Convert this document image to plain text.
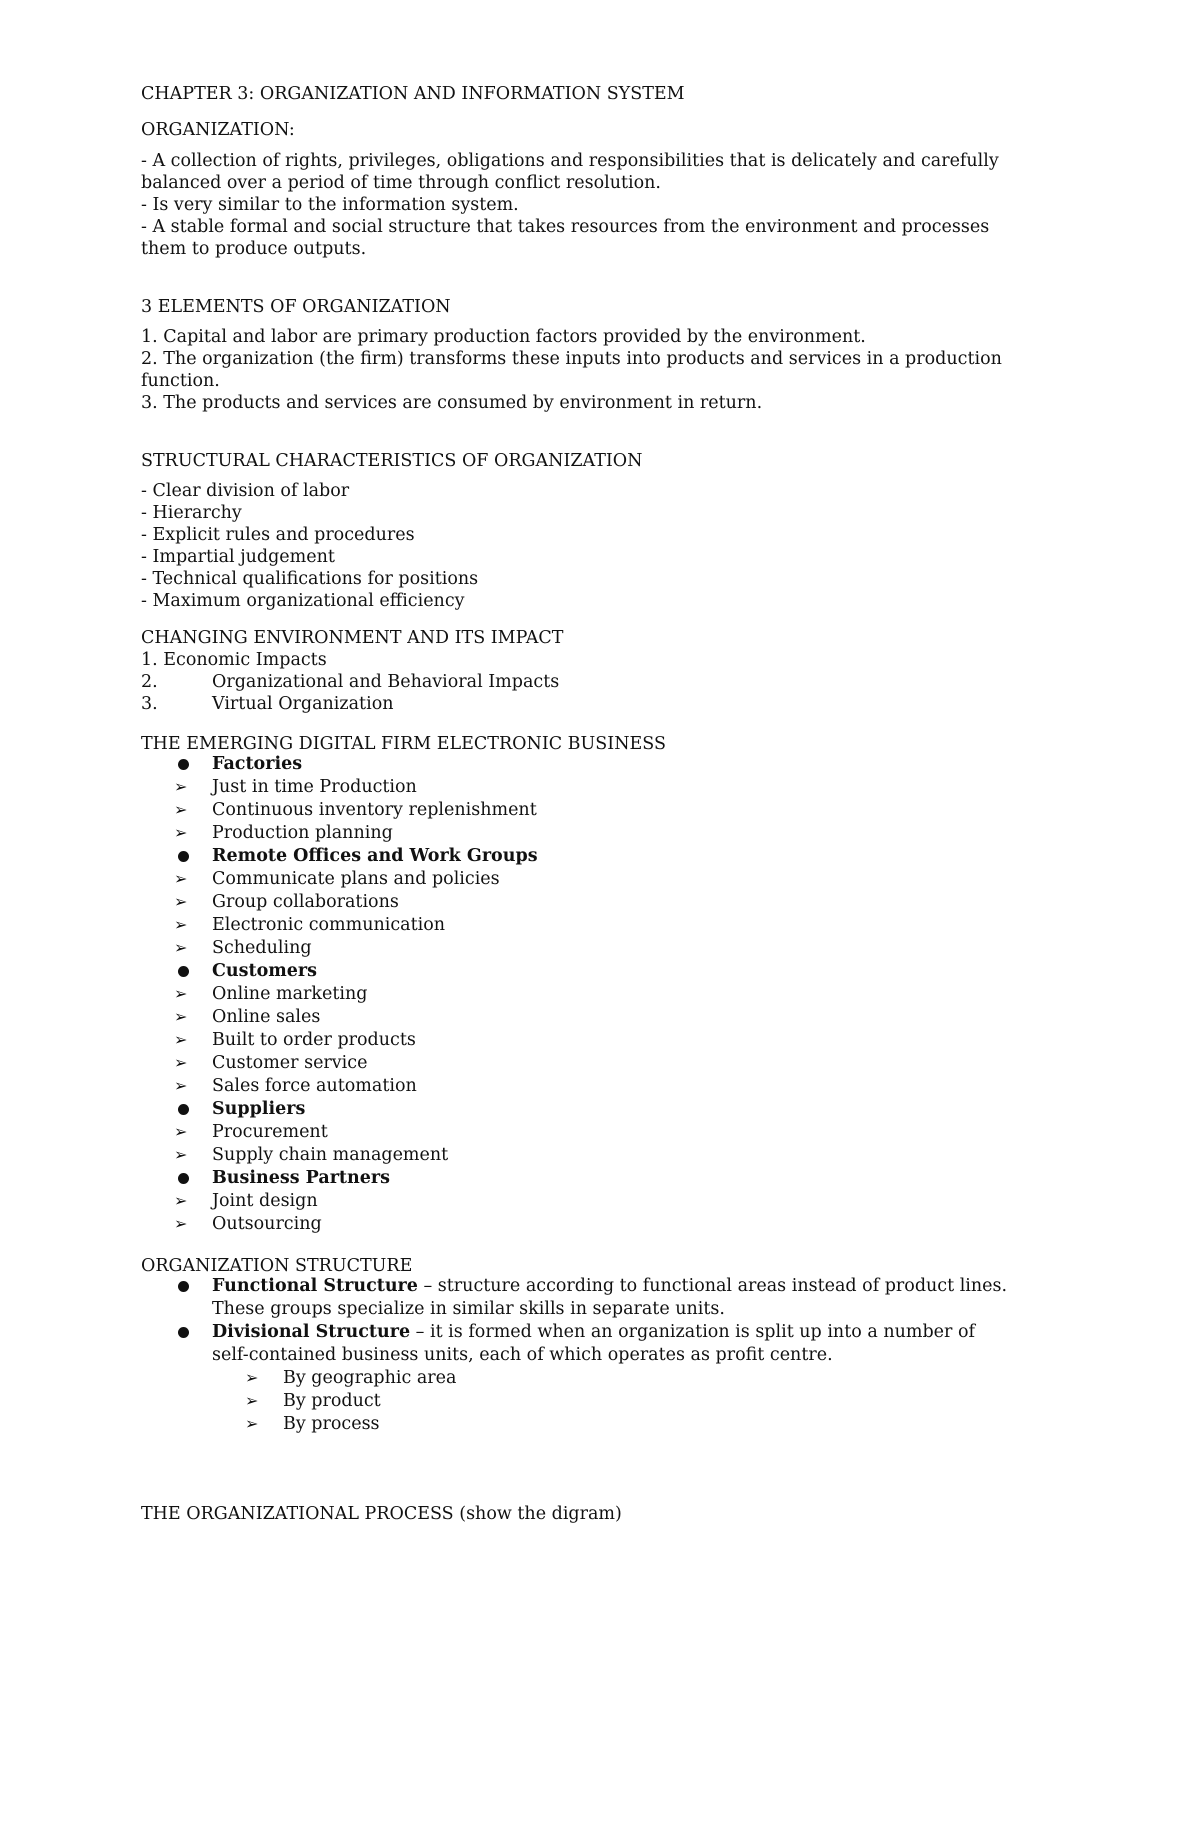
CHAPTER 3: ORGANIZATION AND INFORMATION SYSTEM
ORGANIZATION:
- A collection of rights, privileges, obligations and responsibilities that is delicately and carefully
balanced over a period of time through conflict resolution.
- Is very similar to the information system.
- A stable formal and social structure that takes resources from the environment and processes
them to produce outputs.
3 ELEMENTS OF ORGANIZATION
1. Capital and labor are primary production factors provided by the environment.
2. The organization (the firm) transforms these inputs into products and services in a production
function.
3. The products and services are consumed by environment in return.
STRUCTURAL CHARACTERISTICS OF ORGANIZATION
- Clear division of labor
- Hierarchy
- Explicit rules and procedures
- Impartial judgement
- Technical qualifications for positions
- Maximum organizational efficiency
CHANGING ENVIRONMENT AND ITS IMPACT
1. Economic Impacts
2.	Organizational and Behavioral Impacts
3.	Virtual Organization
THE EMERGING DIGITAL FIRM ELECTRONIC BUSINESS
Factories
➢ Just in time Production
➢ Continuous inventory replenishment
➢ Production planning
Remote Offices and Work Groups
➢ Communicate plans and policies
➢ Group collaborations
➢ Electronic communication
➢ Scheduling
Customers
➢ Online marketing
➢ Online sales
➢ Built to order products
➢ Customer service
➢ Sales force automation
Suppliers
➢ Procurement
➢ Supply chain management
Business Partners
➢ Joint design
➢ Outsourcing
ORGANIZATION STRUCTURE
Functional Structure – structure according to functional areas instead of product lines.
These groups specialize in similar skills in separate units.
Divisional Structure – it is formed when an organization is split up into a number of
self-contained business units, each of which operates as profit centre.
➢ By geographic area
➢ By product
➢ By process
THE ORGANIZATIONAL PROCESS (show the digram)
